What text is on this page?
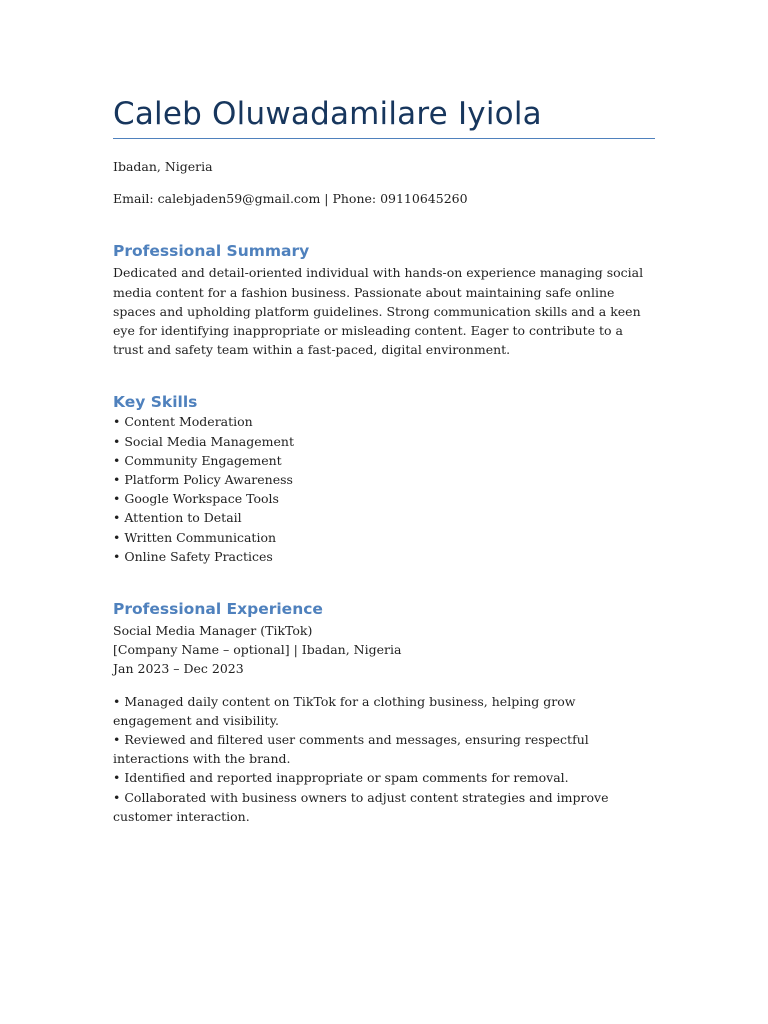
Caleb Oluwadamilare Iyiola

Ibadan, Nigeria

Email: calebjaden59@gmail.com | Phone: 09110645260

Professional Summary

Dedicated and detail-oriented individual with hands-on experience managing social media content for a fashion business. Passionate about maintaining safe online spaces and upholding platform guidelines. Strong communication skills and a keen eye for identifying inappropriate or misleading content. Eager to contribute to a trust and safety team within a fast-paced, digital environment.

Key Skills
• Content Moderation
• Social Media Management
• Community Engagement
• Platform Policy Awareness
• Google Workspace Tools
• Attention to Detail
• Written Communication
• Online Safety Practices
Professional Experience

Social Media Manager (TikTok)

[Company Name – optional] | Ibadan, Nigeria

Jan 2023 – Dec 2023

• Managed daily content on TikTok for a clothing business, helping grow engagement and visibility.
• Reviewed and filtered user comments and messages, ensuring respectful interactions with the brand.
• Identified and reported inappropriate or spam comments for removal.
• Collaborated with business owners to adjust content strategies and improve customer interaction.
